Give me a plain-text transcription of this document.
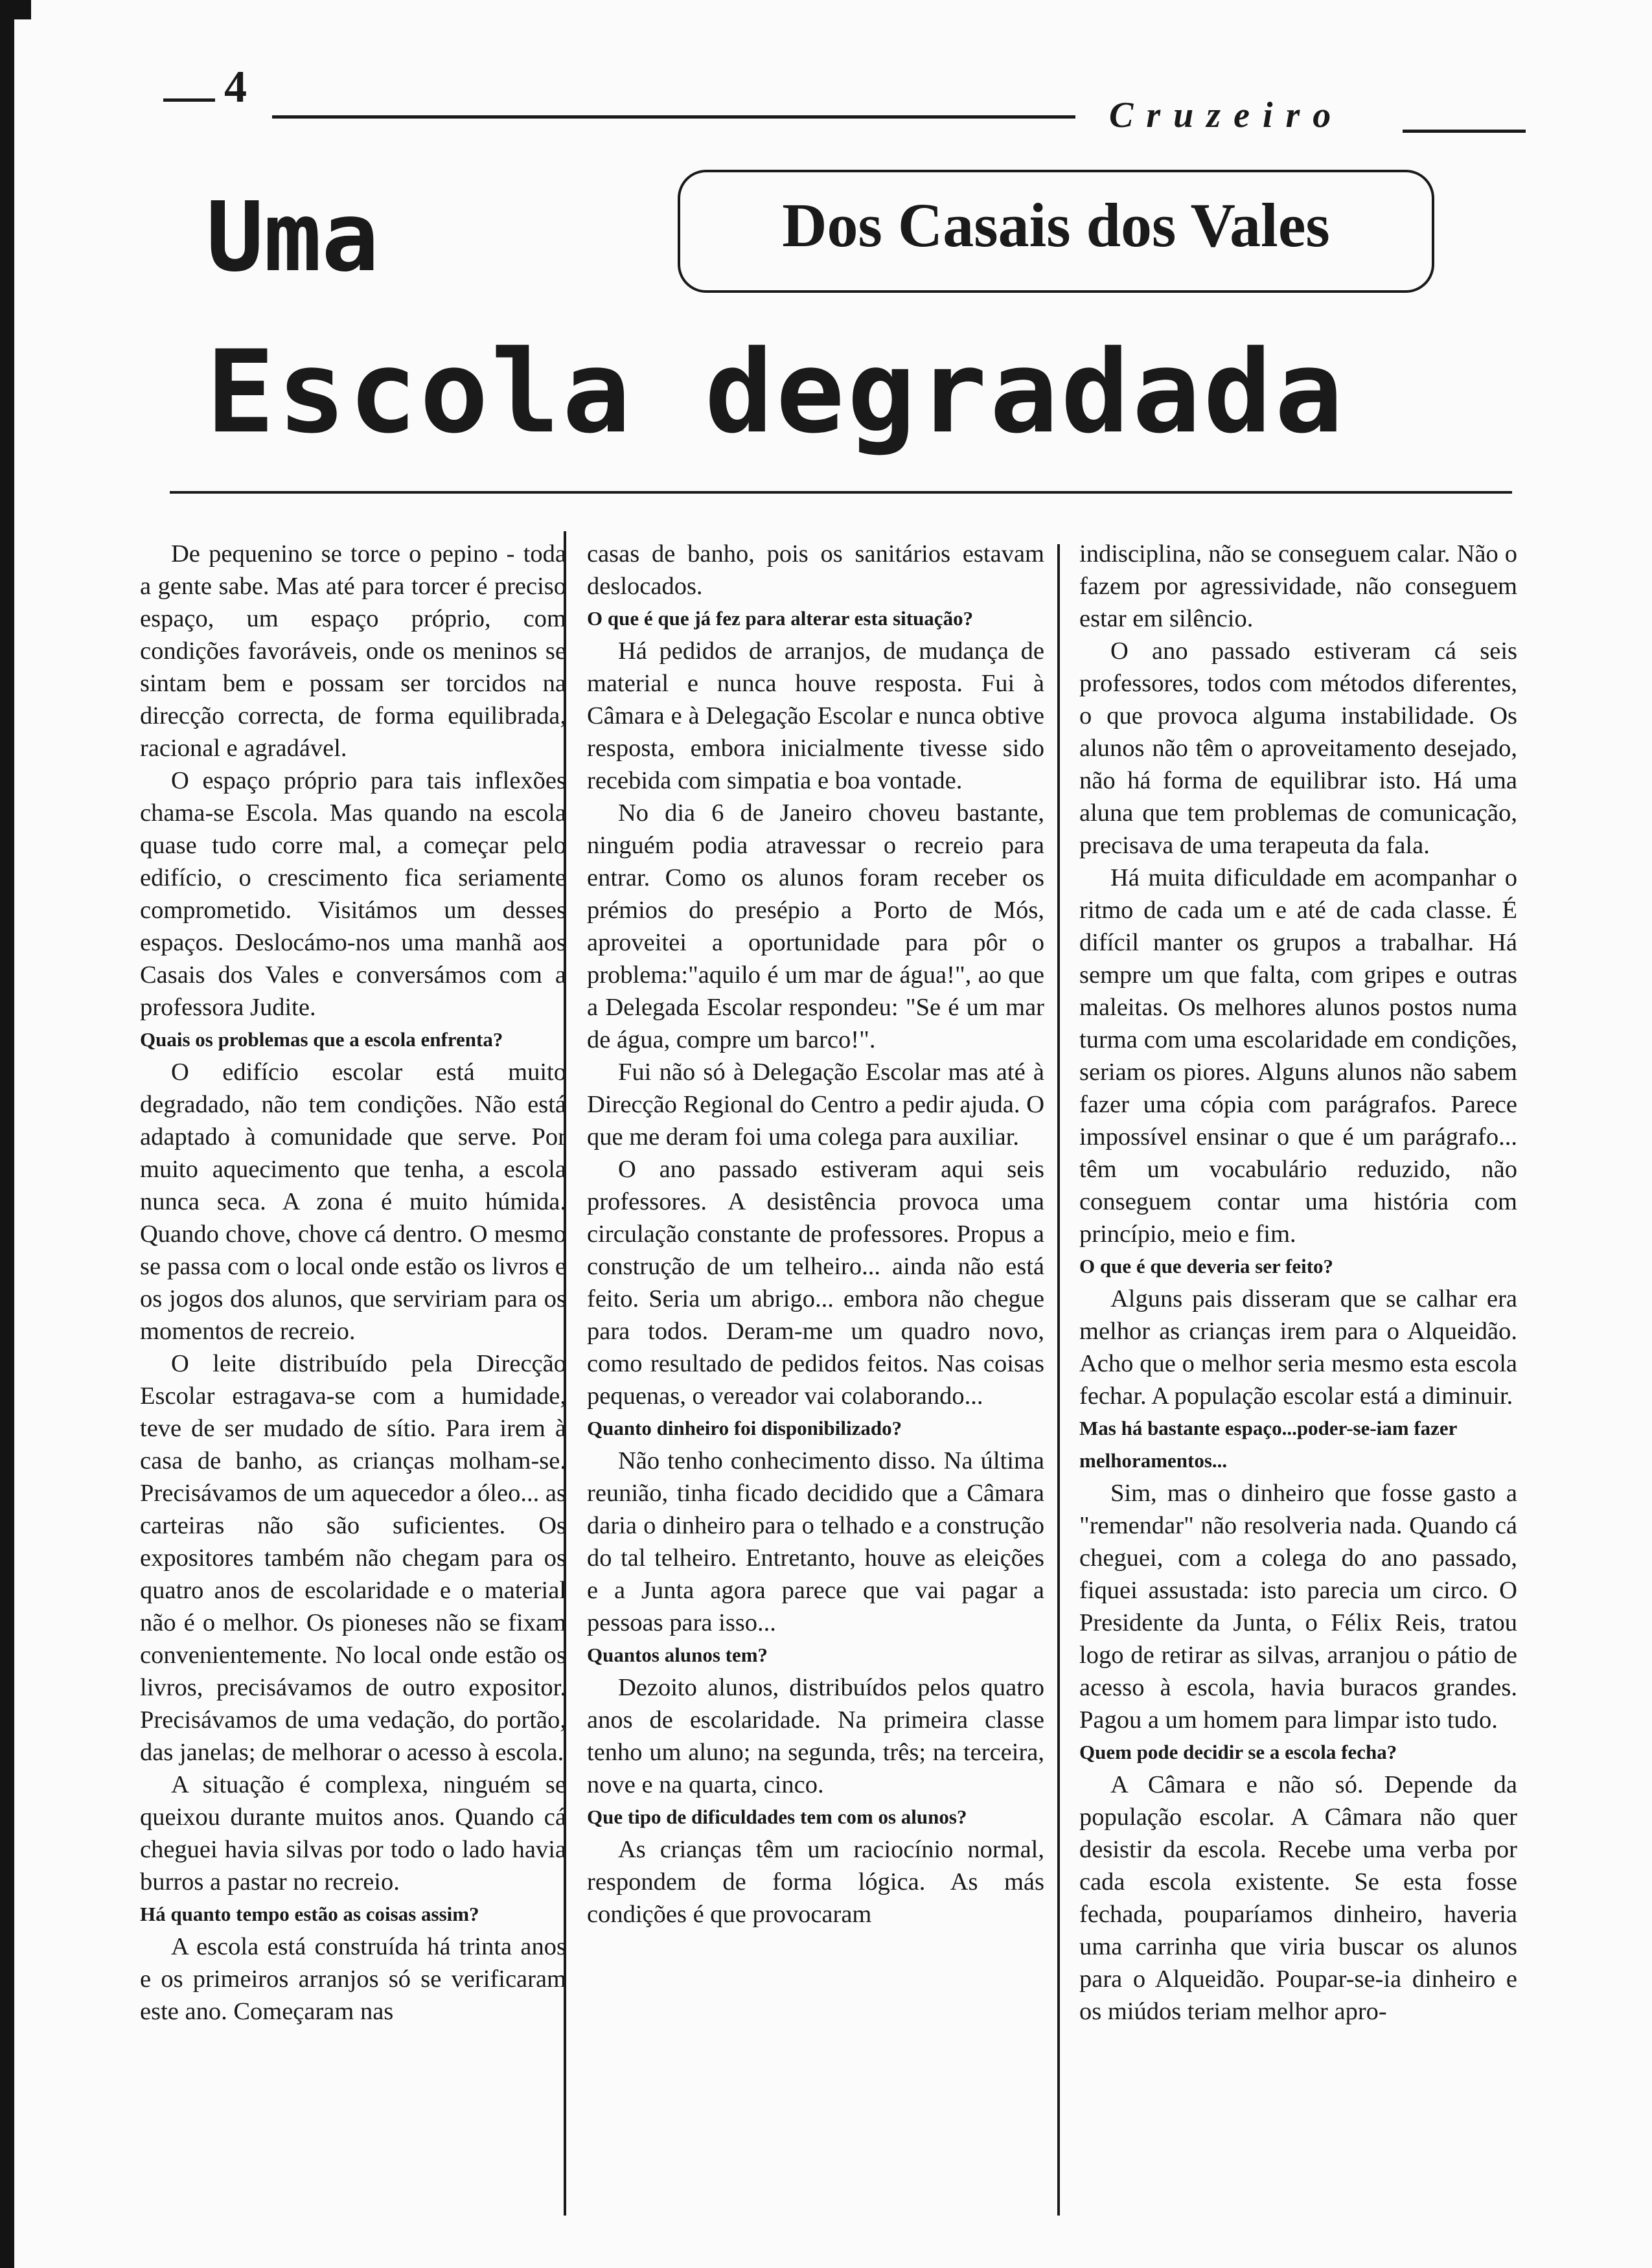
4
Cruzeiro
Uma	Dos Casais dos Vales
Escola degradada

De pequenino se torce o pepino - toda a gente sabe. Mas até para torcer é preciso espaço, um espaço próprio, com condições favoráveis, onde os meninos se sintam bem e possam ser torcidos na direcção correcta, de forma equilibrada, racional e agradável.

O espaço próprio para tais inflexões chama-se Escola. Mas quando na escola quase tudo corre mal, a começar pelo edifício, o crescimento fica seriamente comprometido. Visitámos um desses espaços. Deslocámo-nos uma manhã aos Casais dos Vales e conversámos com a professora Judite.

Quais os problemas que a escola enfrenta?

O edifício escolar está muito degradado, não tem condições. Não está adaptado à comunidade que serve. Por muito aquecimento que tenha, a escola nunca seca. A zona é muito húmida. Quando chove, chove cá dentro. O mesmo se passa com o local onde estão os livros e os jogos dos alunos, que serviriam para os momentos de recreio.

O leite distribuído pela Direcção Escolar estragava-se com a humidade, teve de ser mudado de sítio. Para irem à casa de banho, as crianças molham-se. Precisávamos de um aquecedor a óleo... as carteiras não são suficientes. Os expositores também não chegam para os quatro anos de escolaridade e o material não é o melhor. Os pioneses não se fixam convenientemente. No local onde estão os livros, precisávamos de outro expositor. Precisávamos de uma vedação, do portão, das janelas; de melhorar o acesso à escola.

A situação é complexa, ninguém se queixou durante muitos anos. Quando cá cheguei havia silvas por todo o lado havia burros a pastar no recreio.

Há quanto tempo estão as coisas assim?

A escola está construída há trinta anos e os primeiros arranjos só se verificaram este ano. Começaram nas

casas de banho, pois os sanitários estavam deslocados.

O que é que já fez para alterar esta situação?

Há pedidos de arranjos, de mudança de material e nunca houve resposta. Fui à Câmara e à Delegação Escolar e nunca obtive resposta, embora inicialmente tivesse sido recebida com simpatia e boa vontade.

No dia 6 de Janeiro choveu bastante, ninguém podia atravessar o recreio para entrar. Como os alunos foram receber os prémios do presépio a Porto de Mós, aproveitei a oportunidade para pôr o problema:"aquilo é um mar de água!", ao que a Delegada Escolar respondeu: "Se é um mar de água, compre um barco!".

Fui não só à Delegação Escolar mas até à Direcção Regional do Centro a pedir ajuda. O que me deram foi uma colega para auxiliar.

O ano passado estiveram aqui seis professores. A desistência provoca uma circulação constante de professores. Propus a construção de um telheiro... ainda não está feito. Seria um abrigo... embora não chegue para todos. Deram-me um quadro novo, como resultado de pedidos feitos. Nas coisas pequenas, o vereador vai colaborando...

Quanto dinheiro foi disponibilizado?

Não tenho conhecimento disso. Na última reunião, tinha ficado decidido que a Câmara daria o dinheiro para o telhado e a construção do tal telheiro. Entretanto, houve as eleições e a Junta agora parece que vai pagar a pessoas para isso...

Quantos alunos tem?

Dezoito alunos, distribuídos pelos quatro anos de escolaridade. Na primeira classe tenho um aluno; na segunda, três; na terceira, nove e na quarta, cinco.

Que tipo de dificuldades tem com os alunos?

As crianças têm um raciocínio normal, respondem de forma lógica. As más condições é que provocaram

indisciplina, não se conseguem calar. Não o fazem por agressividade, não conseguem estar em silêncio.

O ano passado estiveram cá seis professores, todos com métodos diferentes, o que provoca alguma instabilidade. Os alunos não têm o aproveitamento desejado, não há forma de equilibrar isto. Há uma aluna que tem problemas de comunicação, precisava de uma terapeuta da fala.

Há muita dificuldade em acompanhar o ritmo de cada um e até de cada classe. É difícil manter os grupos a trabalhar. Há sempre um que falta, com gripes e outras maleitas. Os melhores alunos postos numa turma com uma escolaridade em condições, seriam os piores. Alguns alunos não sabem fazer uma cópia com parágrafos. Parece impossível ensinar o que é um parágrafo... têm um vocabulário reduzido, não conseguem contar uma história com princípio, meio e fim.

O que é que deveria ser feito?

Alguns pais disseram que se calhar era melhor as crianças irem para o Alqueidão. Acho que o melhor seria mesmo esta escola fechar. A população escolar está a diminuir.

Mas há bastante espaço...poder-se-iam fazer melhoramentos...

Sim, mas o dinheiro que fosse gasto a "remendar" não resolveria nada. Quando cá cheguei, com a colega do ano passado, fiquei assustada: isto parecia um circo. O Presidente da Junta, o Félix Reis, tratou logo de retirar as silvas, arranjou o pátio de acesso à escola, havia buracos grandes. Pagou a um homem para limpar isto tudo.

Quem pode decidir se a escola fecha?

A Câmara e não só. Depende da população escolar. A Câmara não quer desistir da escola. Recebe uma verba por cada escola existente. Se esta fosse fechada, pouparíamos dinheiro, haveria uma carrinha que viria buscar os alunos para o Alqueidão. Poupar-se-ia dinheiro e os miúdos teriam melhor apro-
